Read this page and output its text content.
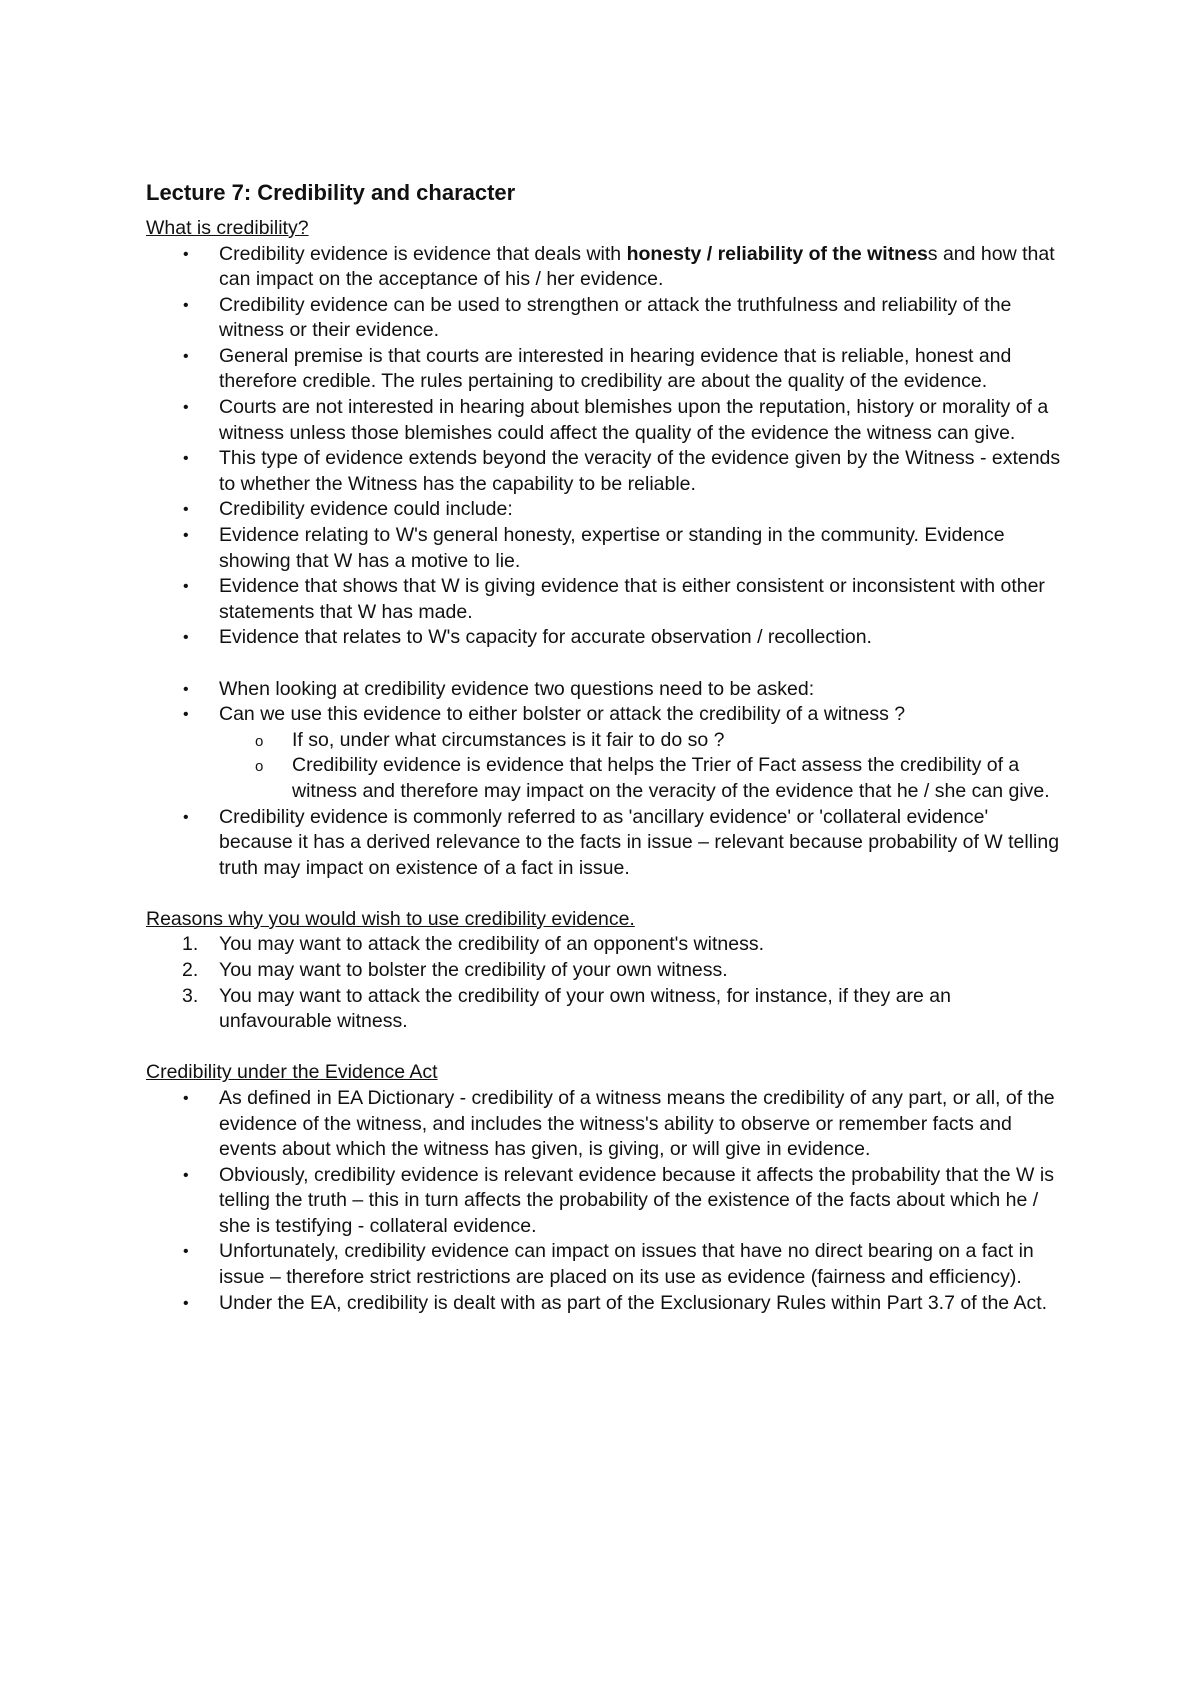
Lecture 7: Credibility and character
What is credibility?
• Credibility evidence is evidence that deals with honesty / reliability of the witness and how that can impact on the acceptance of his / her evidence.
• Credibility evidence can be used to strengthen or attack the truthfulness and reliability of the witness or their evidence.
• General premise is that courts are interested in hearing evidence that is reliable, honest and therefore credible. The rules pertaining to credibility are about the quality of the evidence.
• Courts are not interested in hearing about blemishes upon the reputation, history or morality of a witness unless those blemishes could affect the quality of the evidence the witness can give.
• This type of evidence extends beyond the veracity of the evidence given by the Witness - extends to whether the Witness has the capability to be reliable.
• Credibility evidence could include:
• Evidence relating to W's general honesty, expertise or standing in the community. Evidence showing that W has a motive to lie.
• Evidence that shows that W is giving evidence that is either consistent or inconsistent with other statements that W has made.
• Evidence that relates to W's capacity for accurate observation / recollection.
• When looking at credibility evidence two questions need to be asked:
• Can we use this evidence to either bolster or attack the credibility of a witness ?
o If so, under what circumstances is it fair to do so ?
o Credibility evidence is evidence that helps the Trier of Fact assess the credibility of a witness and therefore may impact on the veracity of the evidence that he / she can give.
• Credibility evidence is commonly referred to as 'ancillary evidence' or 'collateral evidence' because it has a derived relevance to the facts in issue – relevant because probability of W telling truth may impact on existence of a fact in issue.
Reasons why you would wish to use credibility evidence.
1. You may want to attack the credibility of an opponent's witness.
2. You may want to bolster the credibility of your own witness.
3. You may want to attack the credibility of your own witness, for instance, if they are an unfavourable witness.
Credibility under the Evidence Act
• As defined in EA Dictionary - credibility of a witness means the credibility of any part, or all, of the evidence of the witness, and includes the witness's ability to observe or remember facts and events about which the witness has given, is giving, or will give in evidence.
• Obviously, credibility evidence is relevant evidence because it affects the probability that the W is telling the truth – this in turn affects the probability of the existence of the facts about which he / she is testifying - collateral evidence.
• Unfortunately, credibility evidence can impact on issues that have no direct bearing on a fact in issue – therefore strict restrictions are placed on its use as evidence (fairness and efficiency).
• Under the EA, credibility is dealt with as part of the Exclusionary Rules within Part 3.7 of the Act.
